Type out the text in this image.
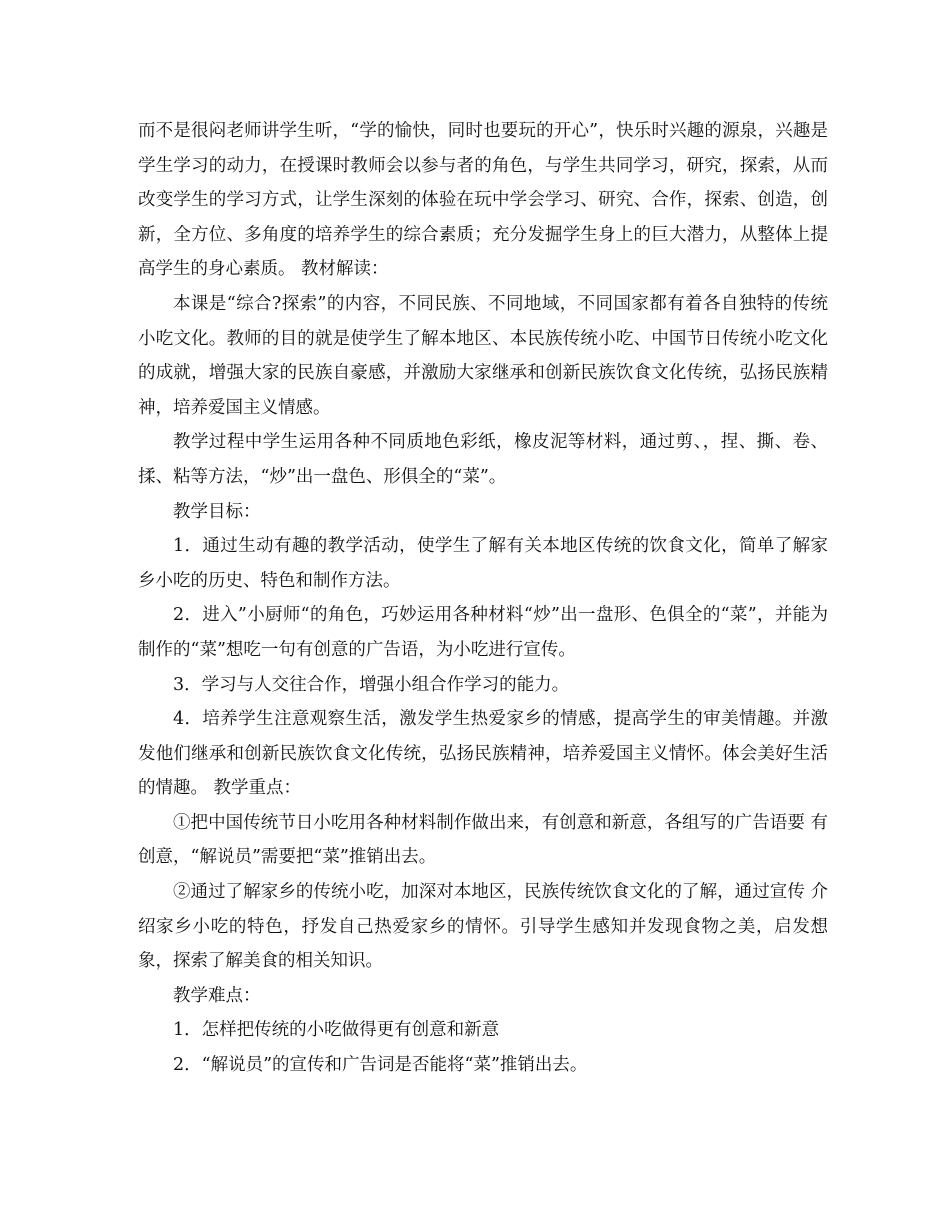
而不是很闷老师讲学生听，“学的愉快，同时也要玩的开心”，快乐时兴趣的源泉，兴趣是学生学习的动力，在授课时教师会以参与者的角色，与学生共同学习，研究，探索，从而改变学生的学习方式，让学生深刻的体验在玩中学会学习、研究、合作，探索、创造，创新，全方位、多角度的培养学生的综合素质；充分发掘学生身上的巨大潜力，从整体上提高学生的身心素质。 教材解读：

本课是“综合?探索”的内容，不同民族、不同地域，不同国家都有着各自独特的传统小吃文化。教师的目的就是使学生了解本地区、本民族传统小吃、中国节日传统小吃文化的成就，增强大家的民族自豪感，并激励大家继承和创新民族饮食文化传统，弘扬民族精神，培养爱国主义情感。

教学过程中学生运用各种不同质地色彩纸，橡皮泥等材料，通过剪、，捏、撕、卷、 揉、粘等方法，“炒”出一盘色、形俱全的“菜”。

教学目标：

1．通过生动有趣的教学活动，使学生了解有关本地区传统的饮食文化，简单了解家乡小吃的历史、特色和制作方法。

2．进入”小厨师“的角色，巧妙运用各种材料“炒”出一盘形、色俱全的“菜”，并能为制作的“菜”想吃一句有创意的广告语，为小吃进行宣传。

3．学习与人交往合作，增强小组合作学习的能力。

4．培养学生注意观察生活，激发学生热爱家乡的情感，提高学生的审美情趣。并激发他们继承和创新民族饮食文化传统，弘扬民族精神，培养爱国主义情怀。体会美好生活的情趣。 教学重点：

①把中国传统节日小吃用各种材料制作做出来，有创意和新意，各组写的广告语要 有创意，“解说员”需要把“菜”推销出去。

②通过了解家乡的传统小吃，加深对本地区，民族传统饮食文化的了解，通过宣传 介绍家乡小吃的特色，抒发自己热爱家乡的情怀。引导学生感知并发现食物之美，启发想象，探索了解美食的相关知识。

教学难点：

1．怎样把传统的小吃做得更有创意和新意

2．“解说员”的宣传和广告词是否能将“菜”推销出去。
